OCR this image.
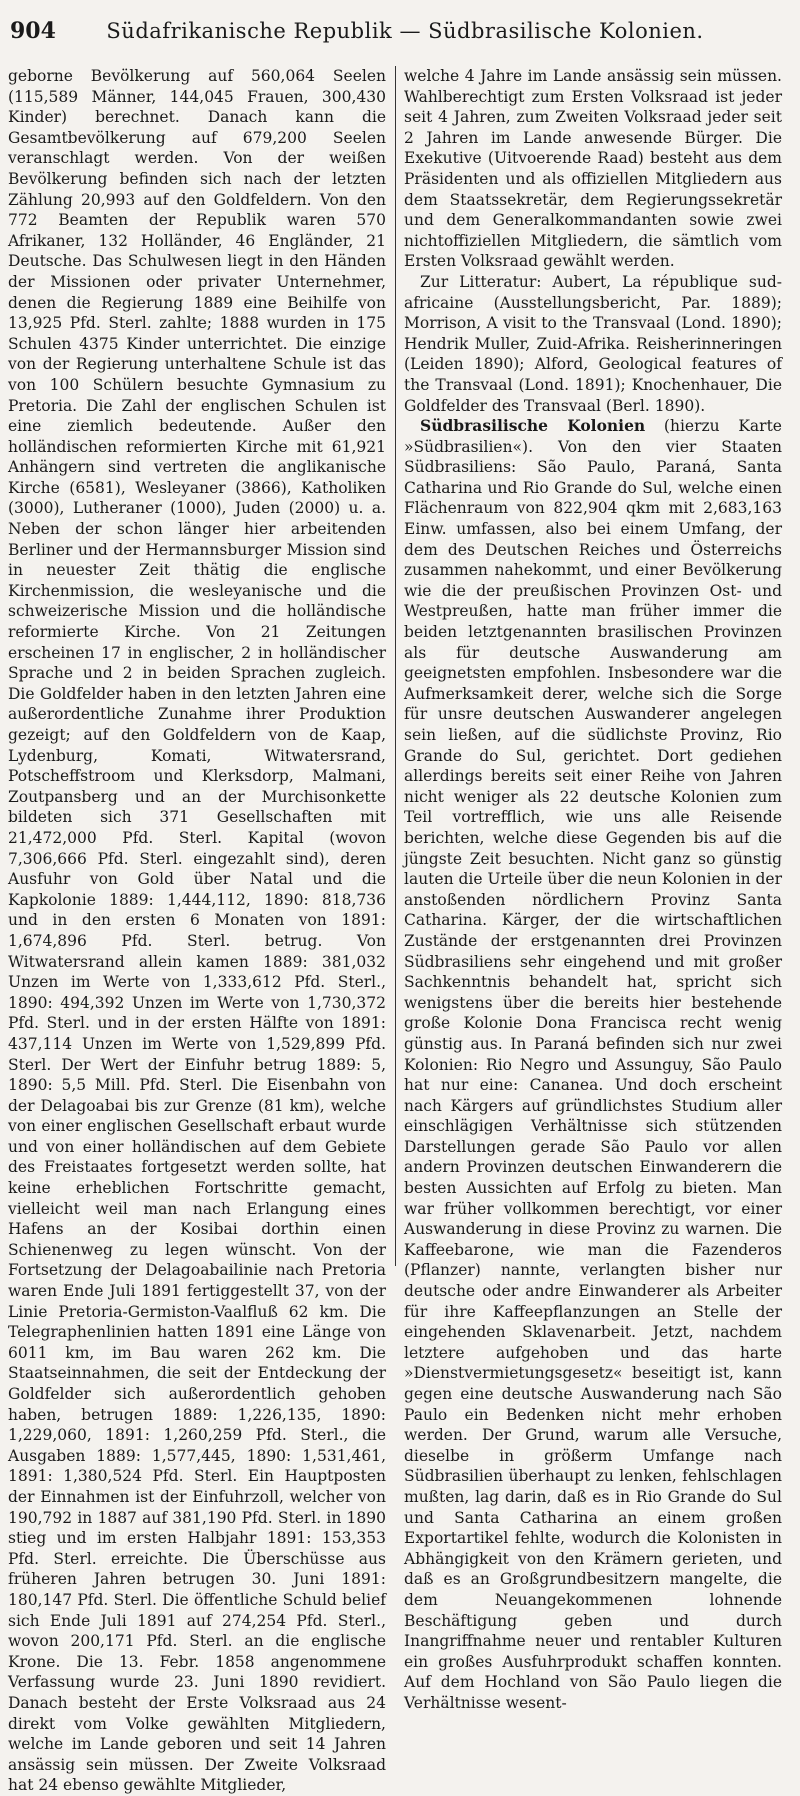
904	Südafrikanische Republik — Südbrasilische Kolonien.

geborne Bevölkerung auf 560,064 Seelen (115,589 Männer, 144,045 Frauen, 300,430 Kinder) berechnet. Danach kann die Gesamtbevölkerung auf 679,200 Seelen veranschlagt werden. Von der weißen Bevölkerung befinden sich nach der letzten Zählung 20,993 auf den Goldfeldern. Von den 772 Beamten der Republik waren 570 Afrikaner, 132 Holländer, 46 Engländer, 21 Deutsche. Das Schulwesen liegt in den Händen der Missionen oder privater Unternehmer, denen die Regierung 1889 eine Beihilfe von 13,925 Pfd. Sterl. zahlte; 1888 wurden in 175 Schulen 4375 Kinder unterrichtet. Die einzige von der Regierung unterhaltene Schule ist das von 100 Schülern besuchte Gymnasium zu Pretoria. Die Zahl der englischen Schulen ist eine ziemlich bedeutende. Außer den holländischen reformierten Kirche mit 61,921 Anhängern sind vertreten die anglikanische Kirche (6581), Wesleyaner (3866), Katholiken (3000), Lutheraner (1000), Juden (2000) u. a. Neben der schon länger hier arbeitenden Berliner und der Hermannsburger Mission sind in neuester Zeit thätig die englische Kirchenmission, die wesleyanische und die schweizerische Mission und die holländische reformierte Kirche. Von 21 Zeitungen erscheinen 17 in englischer, 2 in holländischer Sprache und 2 in beiden Sprachen zugleich. Die Goldfelder haben in den letzten Jahren eine außerordentliche Zunahme ihrer Produktion gezeigt; auf den Goldfeldern von de Kaap, Lydenburg, Komati, Witwatersrand, Potscheffstroom und Klerksdorp, Malmani, Zoutpansberg und an der Murchisonkette bildeten sich 371 Gesellschaften mit 21,472,000 Pfd. Sterl. Kapital (wovon 7,306,666 Pfd. Sterl. eingezahlt sind), deren Ausfuhr von Gold über Natal und die Kapkolonie 1889: 1,444,112, 1890: 818,736 und in den ersten 6 Monaten von 1891: 1,674,896 Pfd. Sterl. betrug. Von Witwatersrand allein kamen 1889: 381,032 Unzen im Werte von 1,333,612 Pfd. Sterl., 1890: 494,392 Unzen im Werte von 1,730,372 Pfd. Sterl. und in der ersten Hälfte von 1891: 437,114 Unzen im Werte von 1,529,899 Pfd. Sterl. Der Wert der Einfuhr betrug 1889: 5, 1890: 5,5 Mill. Pfd. Sterl. Die Eisenbahn von der Delagoabai bis zur Grenze (81 km), welche von einer englischen Gesellschaft erbaut wurde und von einer holländischen auf dem Gebiete des Freistaates fortgesetzt werden sollte, hat keine erheblichen Fortschritte gemacht, vielleicht weil man nach Erlangung eines Hafens an der Kosibai dorthin einen Schienenweg zu legen wünscht. Von der Fortsetzung der Delagoabailinie nach Pretoria waren Ende Juli 1891 fertiggestellt 37, von der Linie Pretoria-Germiston-Vaalfluß 62 km. Die Telegraphenlinien hatten 1891 eine Länge von 6011 km, im Bau waren 262 km. Die Staatseinnahmen, die seit der Entdeckung der Goldfelder sich außerordentlich gehoben haben, betrugen 1889: 1,226,135, 1890: 1,229,060, 1891: 1,260,259 Pfd. Sterl., die Ausgaben 1889: 1,577,445, 1890: 1,531,461, 1891: 1,380,524 Pfd. Sterl. Ein Hauptposten der Einnahmen ist der Einfuhrzoll, welcher von 190,792 in 1887 auf 381,190 Pfd. Sterl. in 1890 stieg und im ersten Halbjahr 1891: 153,353 Pfd. Sterl. erreichte. Die Überschüsse aus früheren Jahren betrugen 30. Juni 1891: 180,147 Pfd. Sterl. Die öffentliche Schuld belief sich Ende Juli 1891 auf 274,254 Pfd. Sterl., wovon 200,171 Pfd. Sterl. an die englische Krone. Die 13. Febr. 1858 angenommene Verfassung wurde 23. Juni 1890 revidiert. Danach besteht der Erste Volksraad aus 24 direkt vom Volke gewählten Mitgliedern, welche im Lande geboren und seit 14 Jahren ansässig sein müssen. Der Zweite Volksraad hat 24 ebenso gewählte Mitglieder,

welche 4 Jahre im Lande ansässig sein müssen. Wahlberechtigt zum Ersten Volksraad ist jeder seit 4 Jahren, zum Zweiten Volksraad jeder seit 2 Jahren im Lande anwesende Bürger. Die Exekutive (Uitvoerende Raad) besteht aus dem Präsidenten und als offiziellen Mitgliedern aus dem Staatssekretär, dem Regierungssekretär und dem Generalkommandanten sowie zwei nichtoffiziellen Mitgliedern, die sämtlich vom Ersten Volksraad gewählt werden.

Zur Litteratur: Aubert, La république sud-africaine (Ausstellungsbericht, Par. 1889); Morrison, A visit to the Transvaal (Lond. 1890); Hendrik Muller, Zuid-Afrika. Reisherinneringen (Leiden 1890); Alford, Geological features of the Transvaal (Lond. 1891); Knochenhauer, Die Goldfelder des Transvaal (Berl. 1890).

Südbrasilische Kolonien (hierzu Karte »Südbrasilien«). Von den vier Staaten Südbrasiliens: São Paulo, Paraná, Santa Catharina und Rio Grande do Sul, welche einen Flächenraum von 822,904 qkm mit 2,683,163 Einw. umfassen, also bei einem Umfang, der dem des Deutschen Reiches und Österreichs zusammen nahekommt, und einer Bevölkerung wie die der preußischen Provinzen Ost- und Westpreußen, hatte man früher immer die beiden letztgenannten brasilischen Provinzen als für deutsche Auswanderung am geeignetsten empfohlen. Insbesondere war die Aufmerksamkeit derer, welche sich die Sorge für unsre deutschen Auswanderer angelegen sein ließen, auf die südlichste Provinz, Rio Grande do Sul, gerichtet. Dort gediehen allerdings bereits seit einer Reihe von Jahren nicht weniger als 22 deutsche Kolonien zum Teil vortrefflich, wie uns alle Reisende berichten, welche diese Gegenden bis auf die jüngste Zeit besuchten. Nicht ganz so günstig lauten die Urteile über die neun Kolonien in der anstoßenden nördlichern Provinz Santa Catharina. Kärger, der die wirtschaftlichen Zustände der erstgenannten drei Provinzen Südbrasiliens sehr eingehend und mit großer Sachkenntnis behandelt hat, spricht sich wenigstens über die bereits hier bestehende große Kolonie Dona Francisca recht wenig günstig aus. In Paraná befinden sich nur zwei Kolonien: Rio Negro und Assunguy, São Paulo hat nur eine: Cananea. Und doch erscheint nach Kärgers auf gründlichstes Studium aller einschlägigen Verhältnisse sich stützenden Darstellungen gerade São Paulo vor allen andern Provinzen deutschen Einwanderern die besten Aussichten auf Erfolg zu bieten. Man war früher vollkommen berechtigt, vor einer Auswanderung in diese Provinz zu warnen. Die Kaffeebarone, wie man die Fazenderos (Pflanzer) nannte, verlangten bisher nur deutsche oder andre Einwanderer als Arbeiter für ihre Kaffeepflanzungen an Stelle der eingehenden Sklavenarbeit. Jetzt, nachdem letztere aufgehoben und das harte »Dienstvermietungsgesetz« beseitigt ist, kann gegen eine deutsche Auswanderung nach São Paulo ein Bedenken nicht mehr erhoben werden. Der Grund, warum alle Versuche, dieselbe in größerm Umfange nach Südbrasilien überhaupt zu lenken, fehlschlagen mußten, lag darin, daß es in Rio Grande do Sul und Santa Catharina an einem großen Exportartikel fehlte, wodurch die Kolonisten in Abhängigkeit von den Krämern gerieten, und daß es an Großgrundbesitzern mangelte, die dem Neuangekommenen lohnende Beschäftigung geben und durch Inangriffnahme neuer und rentabler Kulturen ein großes Ausfuhrprodukt schaffen konnten. Auf dem Hochland von São Paulo liegen die Verhältnisse wesent-
